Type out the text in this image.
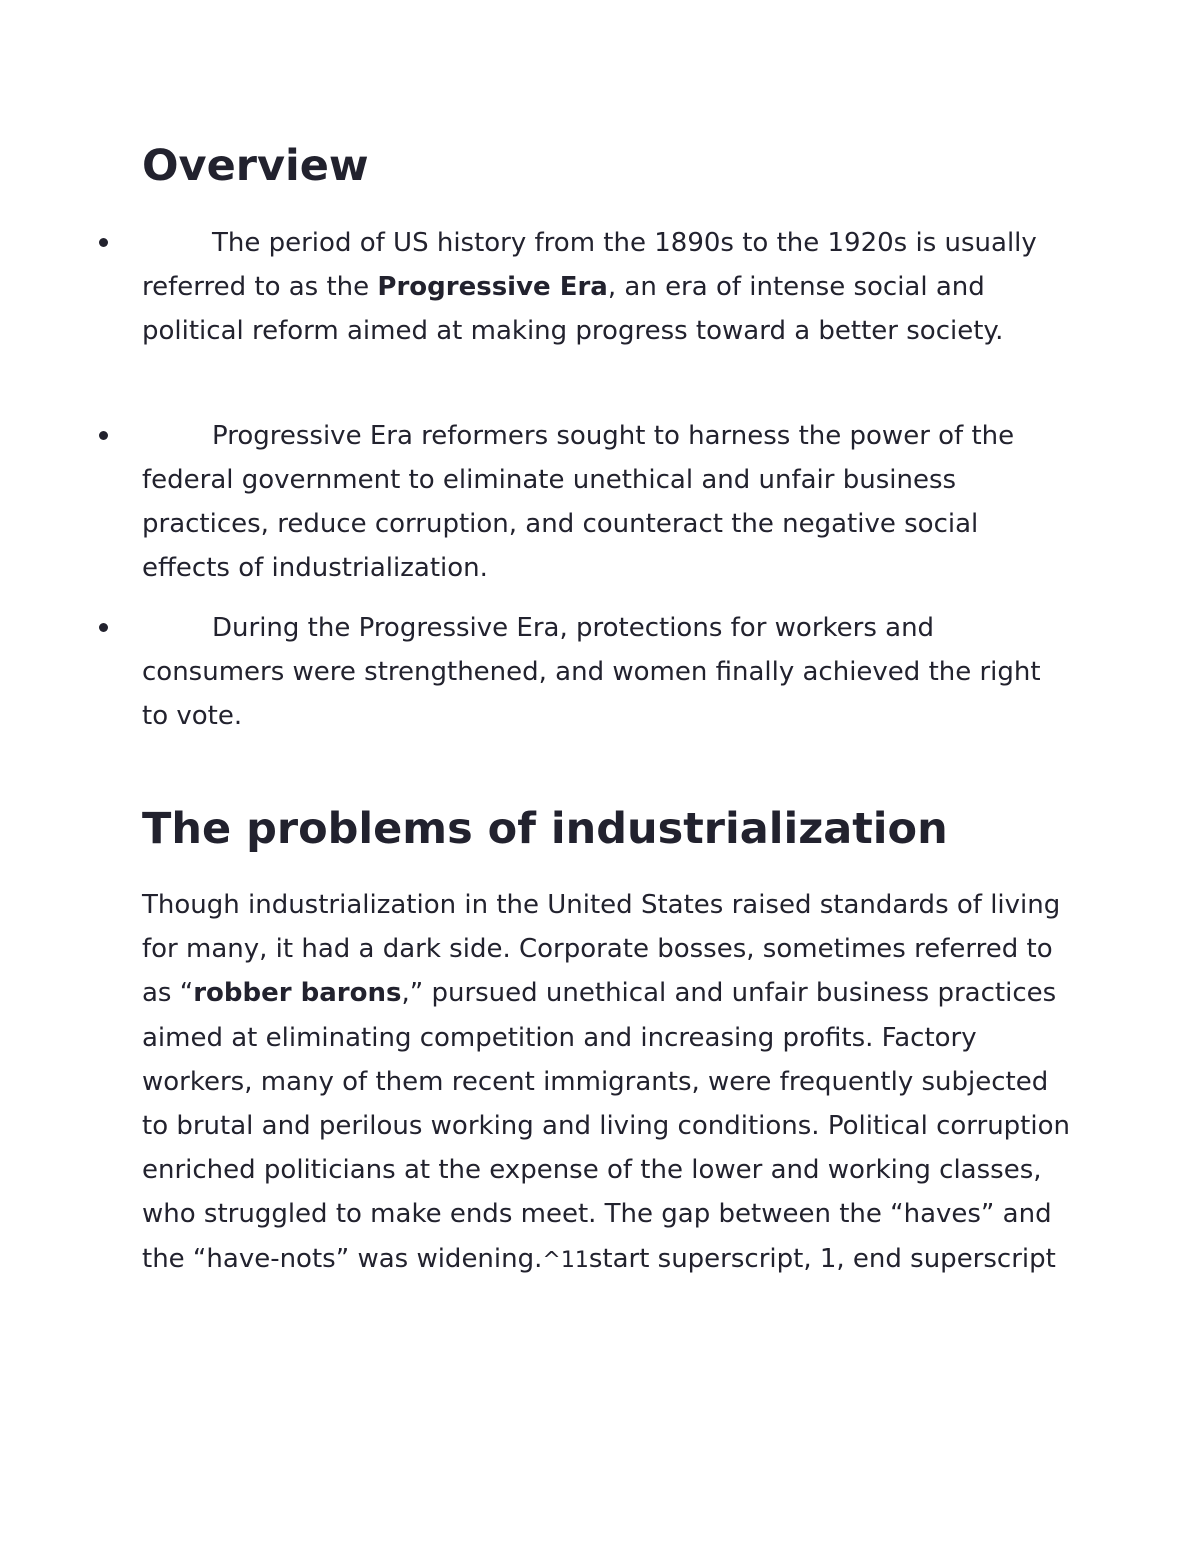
Overview
The period of US history from the 1890s to the 1920s is usually referred to as the Progressive Era, an era of intense social and political reform aimed at making progress toward a better society.
Progressive Era reformers sought to harness the power of the federal government to eliminate unethical and unfair business practices, reduce corruption, and counteract the negative social effects of industrialization.
During the Progressive Era, protections for workers and consumers were strengthened, and women finally achieved the right to vote.
The problems of industrialization

Though industrialization in the United States raised standards of living for many, it had a dark side. Corporate bosses, sometimes referred to as “robber barons,” pursued unethical and unfair business practices aimed at eliminating competition and increasing profits. Factory workers, many of them recent immigrants, were frequently subjected to brutal and perilous working and living conditions. Political corruption enriched politicians at the expense of the lower and working classes, who struggled to make ends meet. The gap between the “haves” and the “have-nots” was widening.^11start superscript, 1, end superscript
